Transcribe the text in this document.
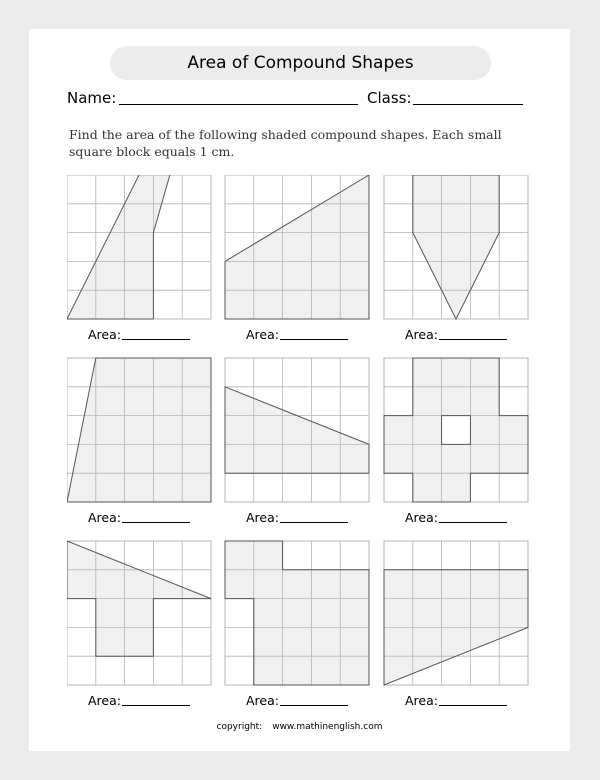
Area of Compound Shapes
Name:	Class:
Find the area of the following shaded compound shapes. Each small square block equals 1 cm.
Area:	Area:	Area:
Area:	Area:	Area:
Area:	Area:	Area:
copyright: www.mathinenglish.com
